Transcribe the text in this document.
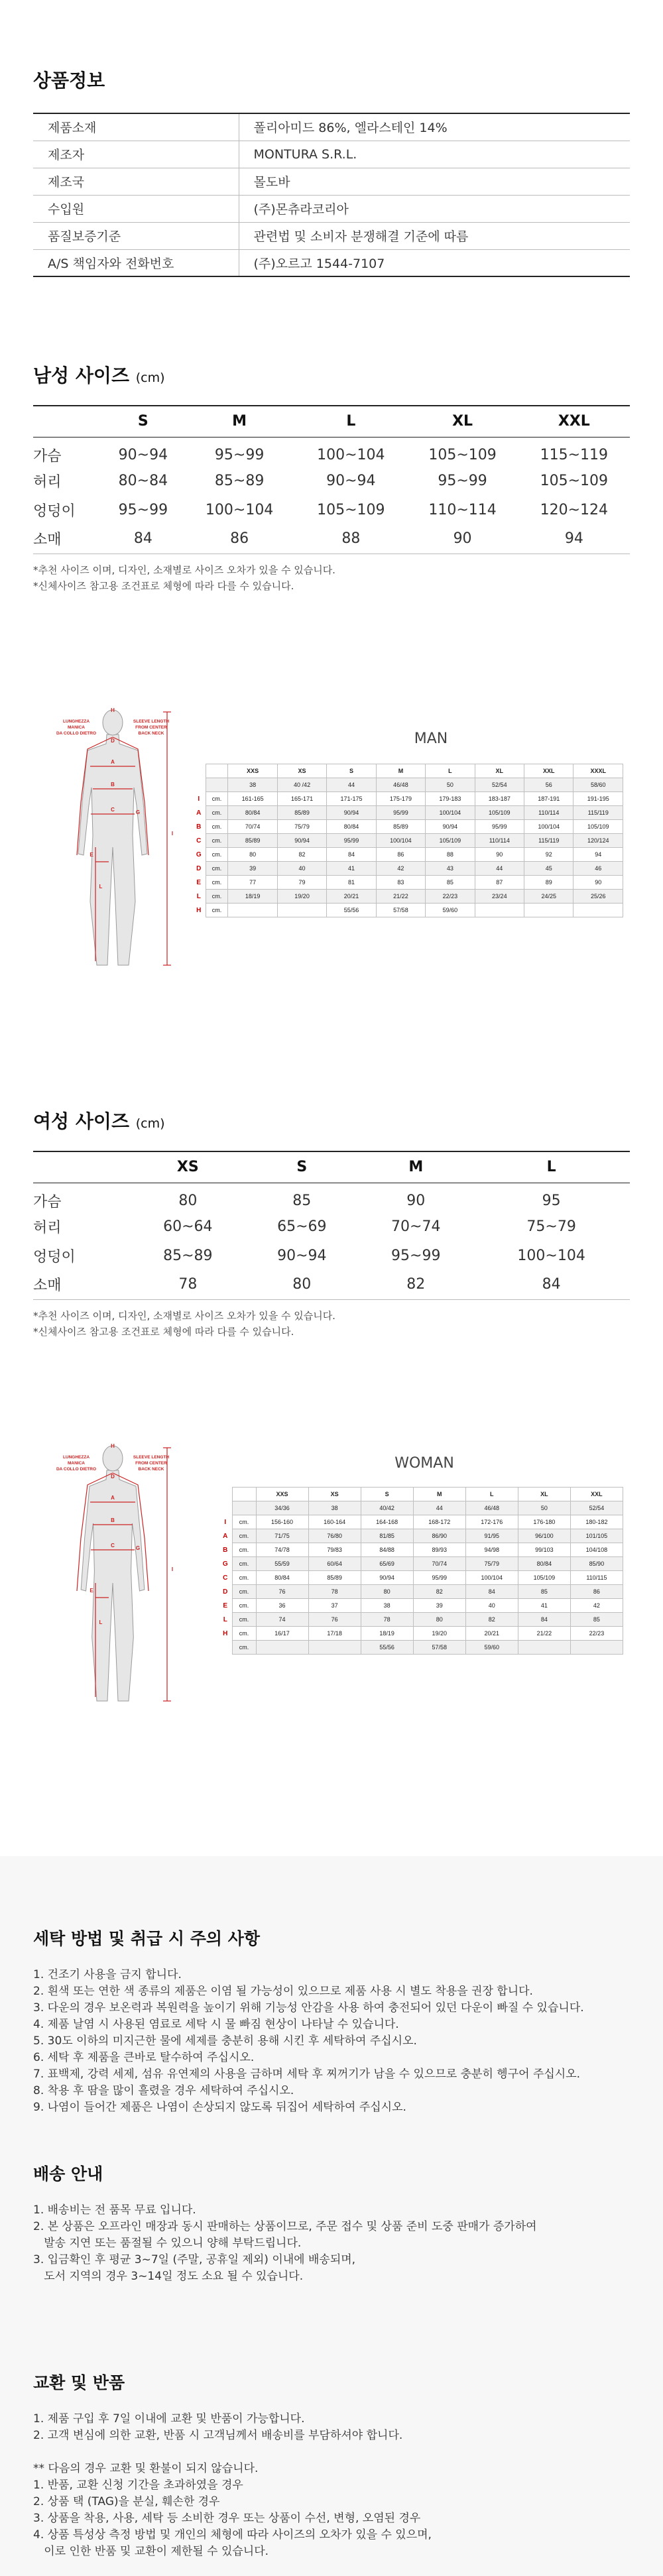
상품정보
제품소재	폴리아미드 86%, 엘라스테인 14%
제조자	MONTURA S.R.L.
제조국	몰도바
수입원	(주)몬츄라코리아
품질보증기준	관련법 및 소비자 분쟁해결 기준에 따름
A/S 책임자와 전화번호	(주)오르고 1544-7107
남성 사이즈 (cm)
	S	M	L	XL	XXL
가슴	90~94	95~99	100~104	105~109	115~119
허리	80~84	85~89	90~94	95~99	105~109
엉덩이	95~99	100~104	105~109	110~114	120~124
소매	84	86	88	90	94
*추천 사이즈 이며, 디자인, 소재별로 사이즈 오차가 있을 수 있습니다.
*신체사이즈 참고용 조건표로 체형에 따라 다를 수 있습니다.
LUNGHEZZA
MANICA
DA COLLO DIETRO
SLEEVE LENGTH
FROM CENTER
BACK NECK
H
A
B
C	G
E
L
I
D	MAN
		XXS	XS	S	M	L	XL	XXL	XXXL
		38	40 /42	44	46/48	50	52/54	56	58/60
I	cm.	161-165	165-171	171-175	175-179	179-183	183-187	187-191	191-195
A	cm.	80/84	85/89	90/94	95/99	100/104	105/109	110/114	115/119
B	cm.	70/74	75/79	80/84	85/89	90/94	95/99	100/104	105/109
C	cm.	85/89	90/94	95/99	100/104	105/109	110/114	115/119	120/124
G	cm.	80	82	84	86	88	90	92	94
D	cm.	39	40	41	42	43	44	45	46
E	cm.	77	79	81	83	85	87	89	90
L	cm.	18/19	19/20	20/21	21/22	22/23	23/24	24/25	25/26
H	cm.			55/56	57/58	59/60			
여성 사이즈 (cm)
	XS	S	M	L
가슴	80	85	90	95
허리	60~64	65~69	70~74	75~79
엉덩이	85~89	90~94	95~99	100~104
소매	78	80	82	84
*추천 사이즈 이며, 디자인, 소재별로 사이즈 오차가 있을 수 있습니다.
*신체사이즈 참고용 조건표로 체형에 따라 다를 수 있습니다.
LUNGHEZZA
MANICA
DA COLLO DIETRO
SLEEVE LENGTH
FROM CENTER
BACK NECK
H
A
B
C	G
E
L
I
D
WOMAN
		XXS	XS	S	M	L	XL	XXL
		34/36	38	40/42	44	46/48	50	52/54
I	cm.	156-160	160-164	164-168	168-172	172-176	176-180	180-182
A	cm.	71/75	76/80	81/85	86/90	91/95	96/100	101/105
B	cm.	74/78	79/83	84/88	89/93	94/98	99/103	104/108
G	cm.	55/59	60/64	65/69	70/74	75/79	80/84	85/90
C	cm.	80/84	85/89	90/94	95/99	100/104	105/109	110/115
D	cm.	76	78	80	82	84	85	86
E	cm.	36	37	38	39	40	41	42
L	cm.	74	76	78	80	82	84	85
H	cm.	16/17	17/18	18/19	19/20	20/21	21/22	22/23
	cm.			55/56	57/58	59/60		
세탁 방법 및 취급 시 주의 사항

1. 건조기 사용을 금지 합니다.
2. 흰색 또는 연한 색 종류의 제품은 이염 될 가능성이 있으므로 제품 사용 시 별도 착용을 권장 합니다.
3. 다운의 경우 보온력과 복원력을 높이기 위해 기능성 안감을 사용 하여 충전되어 있던 다운이 빠질 수 있습니다.
4. 제품 날염 시 사용된 염료로 세탁 시 물 빠짐 현상이 나타날 수 있습니다.
5. 30도 이하의 미지근한 물에 세제를 충분히 용해 시킨 후 세탁하여 주십시오.
6. 세탁 후 제품을 큰바로 탈수하여 주십시오.
7. 표백제, 강력 세제, 섬유 유연제의 사용을 금하며 세탁 후 찌꺼기가 남을 수 있으므로 충분히 헹구어 주십시오.
8. 착용 후 땀을 많이 흘렸을 경우 세탁하여 주십시오.
9. 나염이 들어간 제품은 나염이 손상되지 않도록 뒤집어 세탁하여 주십시오.

배송 안내

1. 배송비는 전 품목 무료 입니다.
2. 본 상품은 오프라인 매장과 동시 판매하는 상품이므로, 주문 접수 및 상품 준비 도중 판매가 증가하여
발송 지연 또는 품절될 수 있으니 양해 부탁드립니다.
3. 입금확인 후 평균 3~7일 (주말, 공휴일 제외) 이내에 배송되며,
도서 지역의 경우 3~14일 정도 소요 될 수 있습니다.

교환 및 반품

1. 제품 구입 후 7일 이내에 교환 및 반품이 가능합니다.
2. 고객 변심에 의한 교환, 반품 시 고객님께서 배송비를 부담하셔야 합니다.

** 다음의 경우 교환 및 환불이 되지 않습니다.
1. 반품, 교환 신청 기간을 초과하였을 경우
2. 상품 택 (TAG)을 분실, 훼손한 경우
3. 상품을 착용, 사용, 세탁 등 소비한 경우 또는 상품이 수선, 변형, 오염된 경우
4. 상품 특성상 측정 방법 및 개인의 체형에 따라 사이즈의 오차가 있을 수 있으며,
이로 인한 반품 및 교환이 제한될 수 있습니다.
